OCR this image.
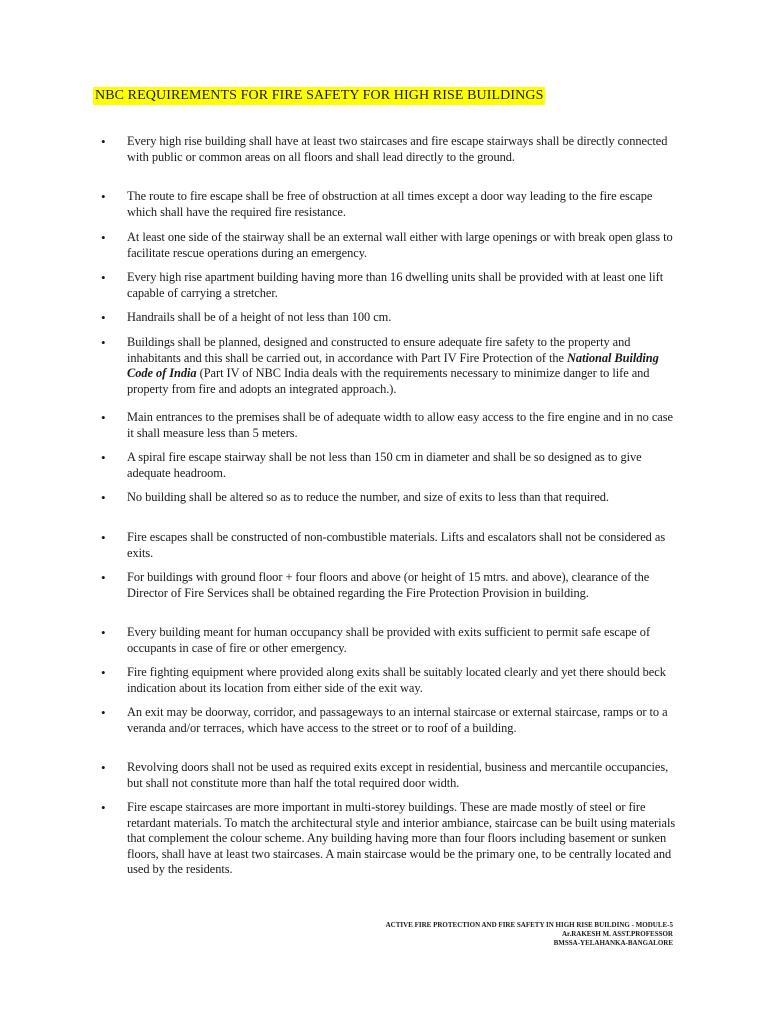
NBC REQUIREMENTS FOR FIRE SAFETY FOR HIGH RISE BUILDINGS
• Every high rise building shall have at least two staircases and fire escape stairways shall be directly connected with public or common areas on all floors and shall lead directly to the ground.
• The route to fire escape shall be free of obstruction at all times except a door way leading to the fire escape which shall have the required fire resistance.
• At least one side of the stairway shall be an external wall either with large openings or with break open glass to facilitate rescue operations during an emergency.
• Every high rise apartment building having more than 16 dwelling units shall be provided with at least one lift capable of carrying a stretcher.
• Handrails shall be of a height of not less than 100 cm.
• Buildings shall be planned, designed and constructed to ensure adequate fire safety to the property and inhabitants and this shall be carried out, in accordance with Part IV Fire Protection of the National Building Code of India (Part IV of NBC India deals with the requirements necessary to minimize danger to life and property from fire and adopts an integrated approach.).
• Main entrances to the premises shall be of adequate width to allow easy access to the fire engine and in no case it shall measure less than 5 meters.
• A spiral fire escape stairway shall be not less than 150 cm in diameter and shall be so designed as to give adequate headroom.
• No building shall be altered so as to reduce the number, and size of exits to less than that required.
• Fire escapes shall be constructed of non-combustible materials. Lifts and escalators shall not be considered as exits.
• For buildings with ground floor + four floors and above (or height of 15 mtrs. and above), clearance of the Director of Fire Services shall be obtained regarding the Fire Protection Provision in building.
• Every building meant for human occupancy shall be provided with exits sufficient to permit safe escape of occupants in case of fire or other emergency.
• Fire fighting equipment where provided along exits shall be suitably located clearly and yet there should beck indication about its location from either side of the exit way.
• An exit may be doorway, corridor, and passageways to an internal staircase or external staircase, ramps or to a veranda and/or terraces, which have access to the street or to roof of a building.
• Revolving doors shall not be used as required exits except in residential, business and mercantile occupancies, but shall not constitute more than half the total required door width.
• Fire escape staircases are more important in multi-storey buildings. These are made mostly of steel or fire retardant materials. To match the architectural style and interior ambiance, staircase can be built using materials that complement the colour scheme. Any building having more than four floors including basement or sunken floors, shall have at least two staircases. A main staircase would be the primary one, to be centrally located and used by the residents.
ACTIVE FIRE PROTECTION AND FIRE SAFETY IN HIGH RISE BUILDING - MODULE-5
Ar.RAKESH M. ASST.PROFESSOR
BMSSA-YELAHANKA-BANGALORE
